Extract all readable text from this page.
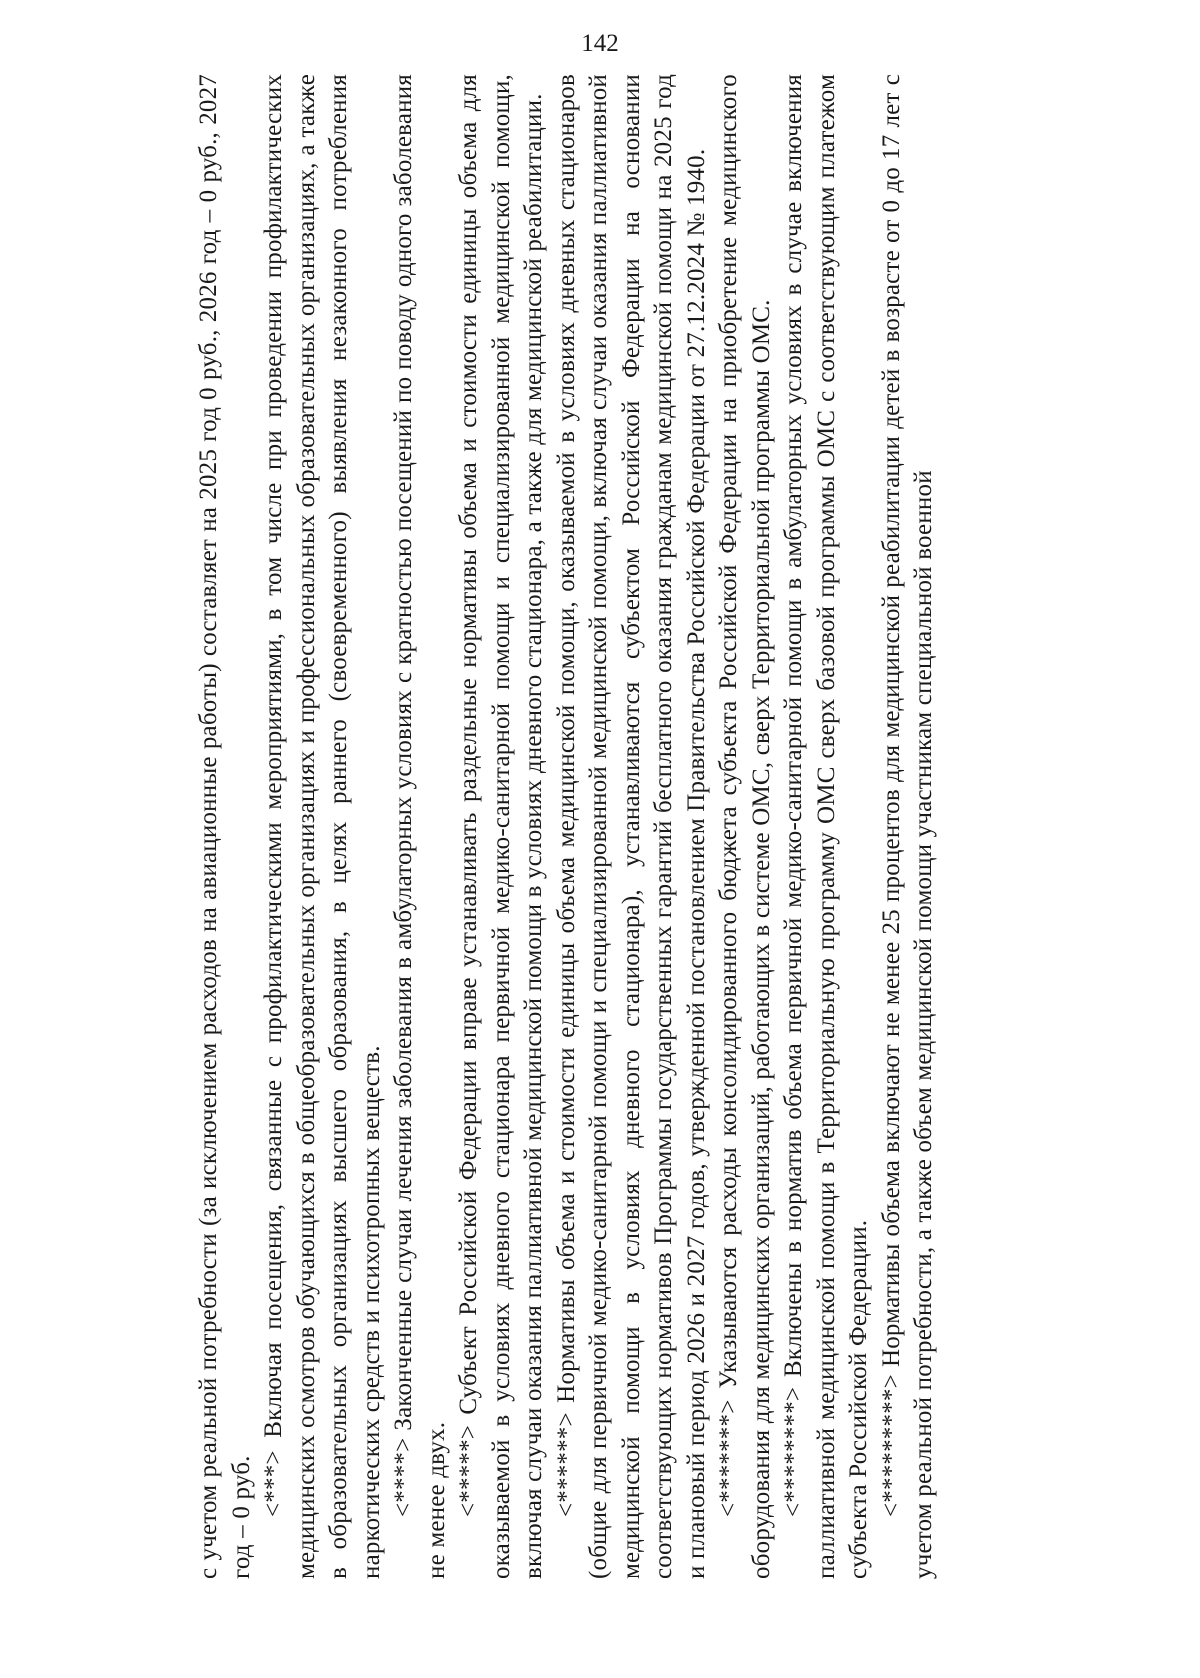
142

с учетом реальной потребности (за исключением расходов на авиационные работы) составляет на 2025 год 0 руб., 2026 год – 0 руб., 2027 год – 0 руб.

<***> Включая посещения, связанные с профилактическими мероприятиями, в том числе при проведении профилактических медицинских осмотров обучающихся в общеобразовательных организациях и профессиональных образовательных организациях, а также в образовательных организациях высшего образования, в целях раннего (своевременного) выявления незаконного потребления наркотических средств и психотропных веществ. <****> Законченные случаи лечения заболевания в амбулаторных условиях с кратностью посещений по поводу одного заболевания не менее двух. <*****> Субъект Российской Федерации вправе устанавливать раздельные нормативы объема и стоимости единицы объема для оказываемой в условиях дневного стационара первичной медико-санитарной помощи и специализированной медицинской помощи, включая случаи оказания паллиативной медицинской помощи в условиях дневного стационара, а также для медицинской реабилитации. <******> Нормативы объема и стоимости единицы объема медицинской помощи, оказываемой в условиях дневных стационаров (общие для первичной медико-санитарной помощи и специализированной медицинской помощи, включая случаи оказания паллиативной медицинской помощи в условиях дневного стационара), устанавливаются субъектом Российской Федерации на основании соответствующих нормативов Программы государственных гарантий бесплатного оказания гражданам медицинской помощи на 2025 год и плановый период 2026 и 2027 годов, утвержденной постановлением Правительства Российской Федерации от 27.12.2024 № 1940. <*******> Указываются расходы консолидированного бюджета субъекта Российской Федерации на приобретение медицинского оборудования для медицинских организаций, работающих в системе ОМС, сверх Территориальной программы ОМС. <********> Включены в норматив объема первичной медико-санитарной помощи в амбулаторных условиях в случае включения паллиативной медицинской помощи в Территориальную программу ОМС сверх базовой программы ОМС с соответствующим платежом субъекта Российской Федерации. <*********> Нормативы объема включают не менее 25 процентов для медицинской реабилитации детей в возрасте от 0 до 17 лет с учетом реальной потребности, а также объем медицинской помощи участникам специальной военной
